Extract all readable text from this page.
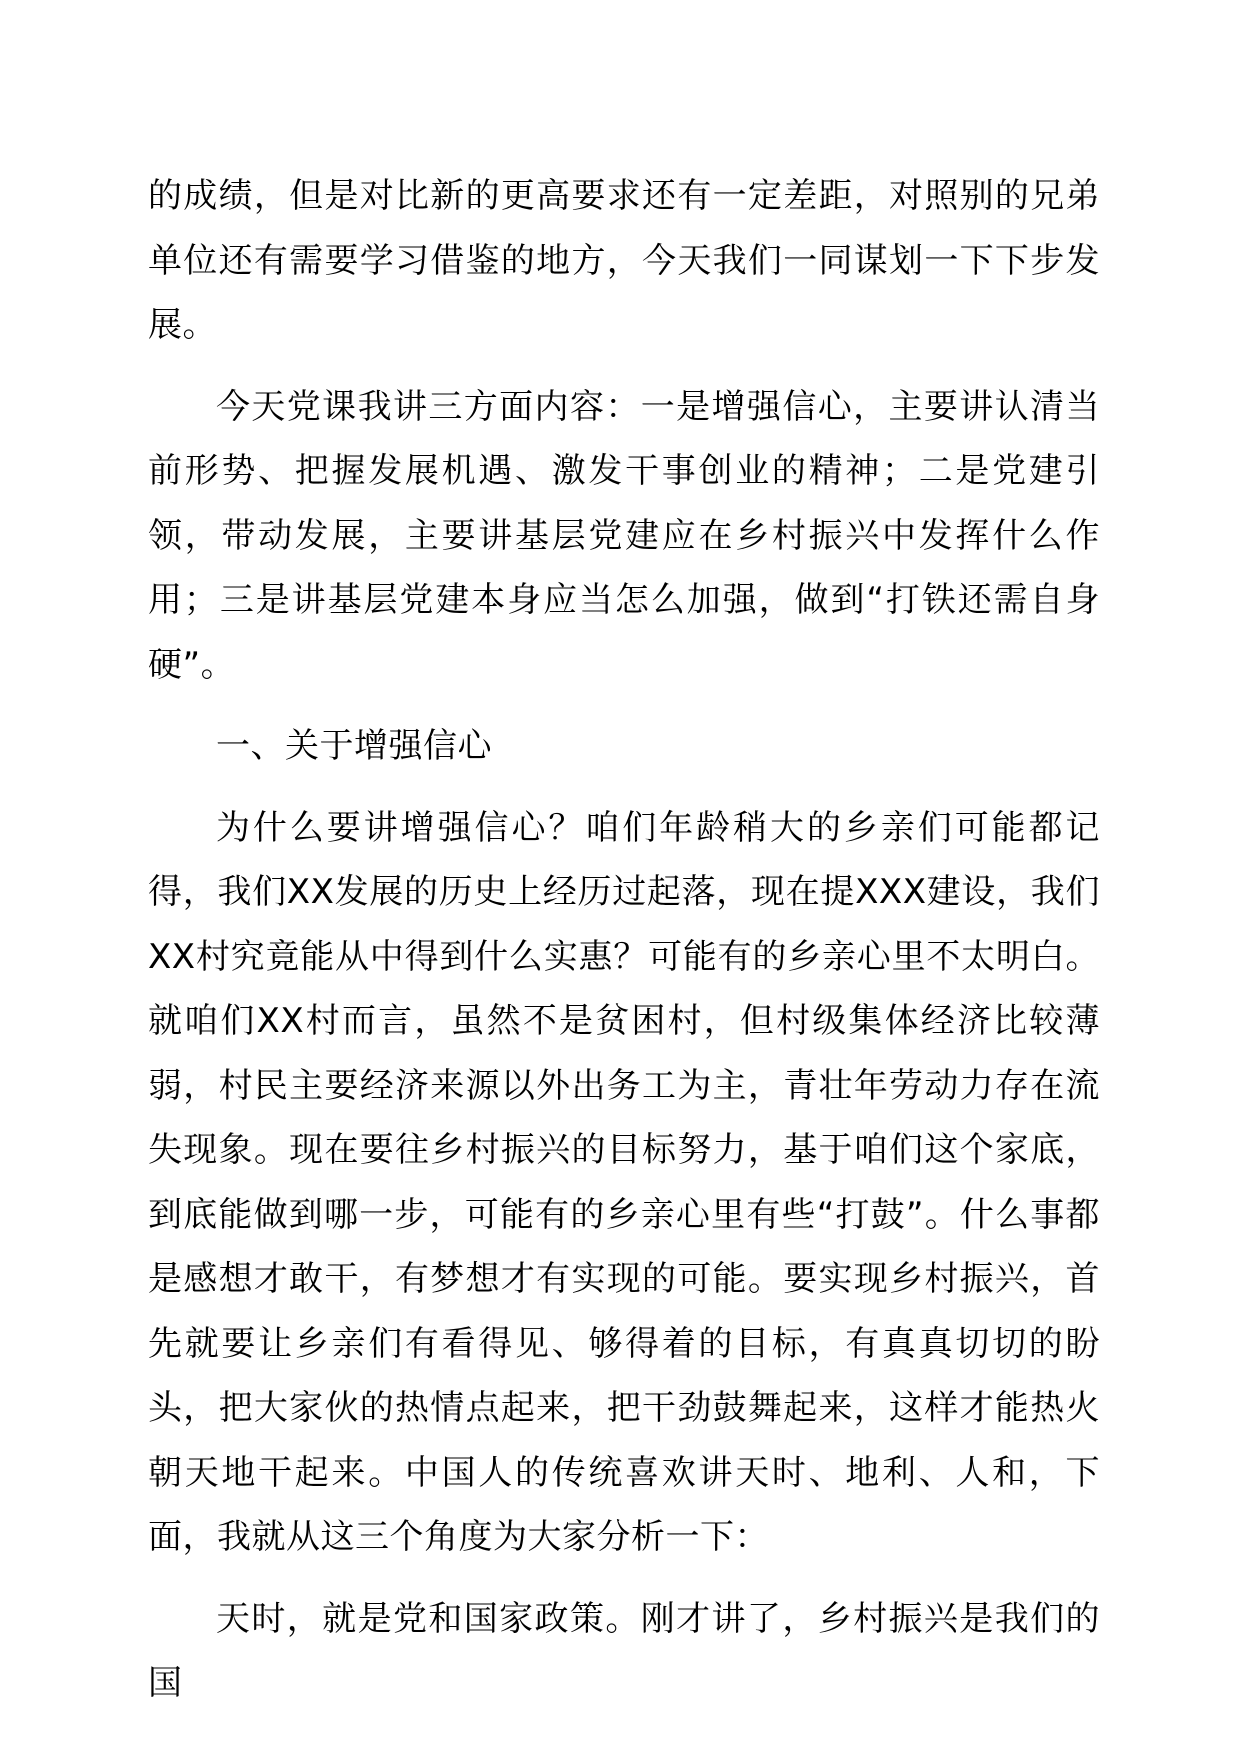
的成绩，但是对比新的更高要求还有一定差距，对照别的兄弟单位还有需要学习借鉴的地方，今天我们一同谋划一下下步发展。

今天党课我讲三方面内容：一是增强信心，主要讲认清当前形势、把握发展机遇、激发干事创业的精神；二是党建引领，带动发展，主要讲基层党建应在乡村振兴中发挥什么作用；三是讲基层党建本身应当怎么加强，做到“打铁还需自身硬”。

一、关于增强信心

为什么要讲增强信心？咱们年龄稍大的乡亲们可能都记得，我们XX发展的历史上经历过起落，现在提XXX建设，我们XX村究竟能从中得到什么实惠？可能有的乡亲心里不太明白。就咱们XX村而言，虽然不是贫困村，但村级集体经济比较薄弱，村民主要经济来源以外出务工为主，青壮年劳动力存在流失现象。现在要往乡村振兴的目标努力，基于咱们这个家底，到底能做到哪一步，可能有的乡亲心里有些“打鼓”。什么事都是感想才敢干，有梦想才有实现的可能。要实现乡村振兴，首先就要让乡亲们有看得见、够得着的目标，有真真切切的盼头，把大家伙的热情点起来，把干劲鼓舞起来，这样才能热火朝天地干起来。中国人的传统喜欢讲天时、地利、人和，下面，我就从这三个角度为大家分析一下：

天时，就是党和国家政策。刚才讲了，乡村振兴是我们的国
